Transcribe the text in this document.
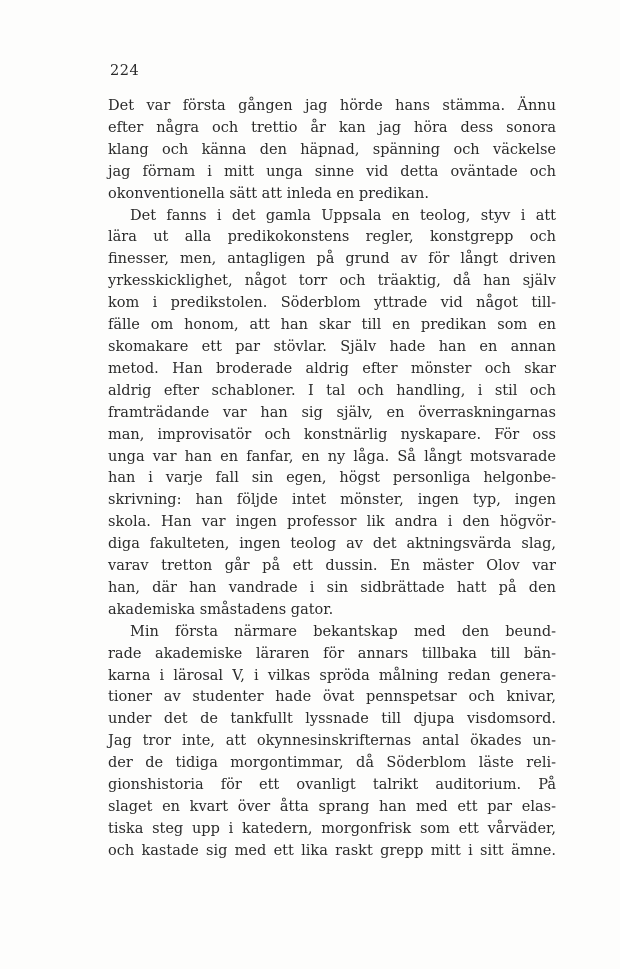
224
Det var första gången jag hörde hans stämma. Ännu
efter några och trettio år kan jag höra dess sonora
klang och känna den häpnad, spänning och väckelse
jag förnam i mitt unga sinne vid detta oväntade och
okonventionella sätt att inleda en predikan.
Det fanns i det gamla Uppsala en teolog, styv i att
lära ut alla predikokonstens regler, konstgrepp och
finesser, men, antagligen på grund av för långt driven
yrkesskicklighet, något torr och träaktig, då han själv
kom i predikstolen. Söderblom yttrade vid något till-
fälle om honom, att han skar till en predikan som en
skomakare ett par stövlar. Själv hade han en annan
metod. Han broderade aldrig efter mönster och skar
aldrig efter schabloner. I tal och handling, i stil och
framträdande var han sig själv, en överraskningarnas
man, improvisatör och konstnärlig nyskapare. För oss
unga var han en fanfar, en ny låga. Så långt motsvarade
han i varje fall sin egen, högst personliga helgonbe-
skrivning: han följde intet mönster, ingen typ, ingen
skola. Han var ingen professor lik andra i den högvör-
diga fakulteten, ingen teolog av det aktningsvärda slag,
varav tretton går på ett dussin. En mäster Olov var
han, där han vandrade i sin sidbrättade hatt på den
akademiska småstadens gator.
Min första närmare bekantskap med den beund-
rade akademiske läraren för annars tillbaka till bän-
karna i lärosal V, i vilkas spröda målning redan genera-
tioner av studenter hade övat pennspetsar och knivar,
under det de tankfullt lyssnade till djupa visdomsord.
Jag tror inte, att okynnesinskrifternas antal ökades un-
der de tidiga morgontimmar, då Söderblom läste reli-
gionshistoria för ett ovanligt talrikt auditorium. På
slaget en kvart över åtta sprang han med ett par elas-
tiska steg upp i katedern, morgonfrisk som ett vårväder,
och kastade sig med ett lika raskt grepp mitt i sitt ämne.
